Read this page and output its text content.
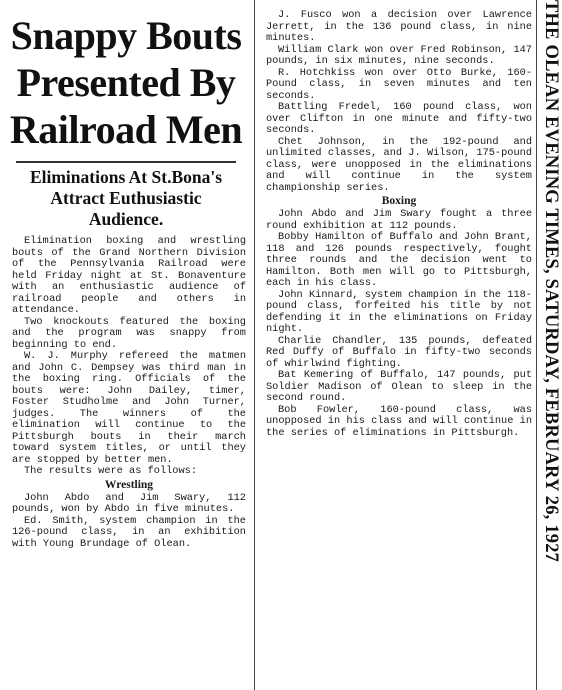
Snappy Bouts
Presented By
Railroad Men
Eliminations At St.Bona's
Attract Euthusiastic
Audience.

Elimination boxing and wrestling bouts of the Grand Northern Division of the Pennsylvania Railroad were held Friday night at St. Bonaventure with an enthusiastic audience of railroad people and others in attendance.

Two knockouts featured the boxing and the program was snappy from beginning to end.

W. J. Murphy refereed the matmen and John C. Dempsey was third man in the boxing ring. Officials of the bouts were: John Dailey, timer, Foster Studholme and John Turner, judges. The winners of the elimination will continue to the Pittsburgh bouts in their march toward system titles, or until they are stopped by better men.

The results were as follows:

Wrestling

John Abdo and Jim Swary, 112 pounds, won by Abdo in five minutes.

Ed. Smith, system champion in the 126-pound class, in an exhibition with Young Brundage of Olean.

J. Fusco won a decision over Lawrence Jerrett, in the 136 pound class, in nine minutes.

William Clark won over Fred Robinson, 147 pounds, in six minutes, nine seconds.

R. Hotchkiss won over Otto Burke, 160-Pound class, in seven minutes and ten seconds.

Battling Fredel, 160 pound class, won over Clifton in one minute and fifty-two seconds.

Chet Johnson, in the 192-pound and unlimited classes, and J. Wilson, 175-pound class, were unopposed in the eliminations and will continue in the system championship series.

Boxing

John Abdo and Jim Swary fought a three round exhibition at 112 pounds.

Bobby Hamilton of Buffalo and John Brant, 118 and 126 pounds respectively, fought three rounds and the decision went to Hamilton. Both men will go to Pittsburgh, each in his class.

John Kinnard, system champion in the 118-pound class, forfeited his title by not defending it in the eliminations on Friday night.

Charlie Chandler, 135 pounds, defeated Red Duffy of Buffalo in fifty-two seconds of whirlwind fighting.

Bat Kemering of Buffalo, 147 pounds, put Soldier Madison of Olean to sleep in the second round.

Bob Fowler, 160-pound class, was unopposed in his class and will continue in the series of eliminations in Pittsburgh.	THE OLEAN EVENING TIMES, SATURDAY, FEBRUARY 26, 1927
